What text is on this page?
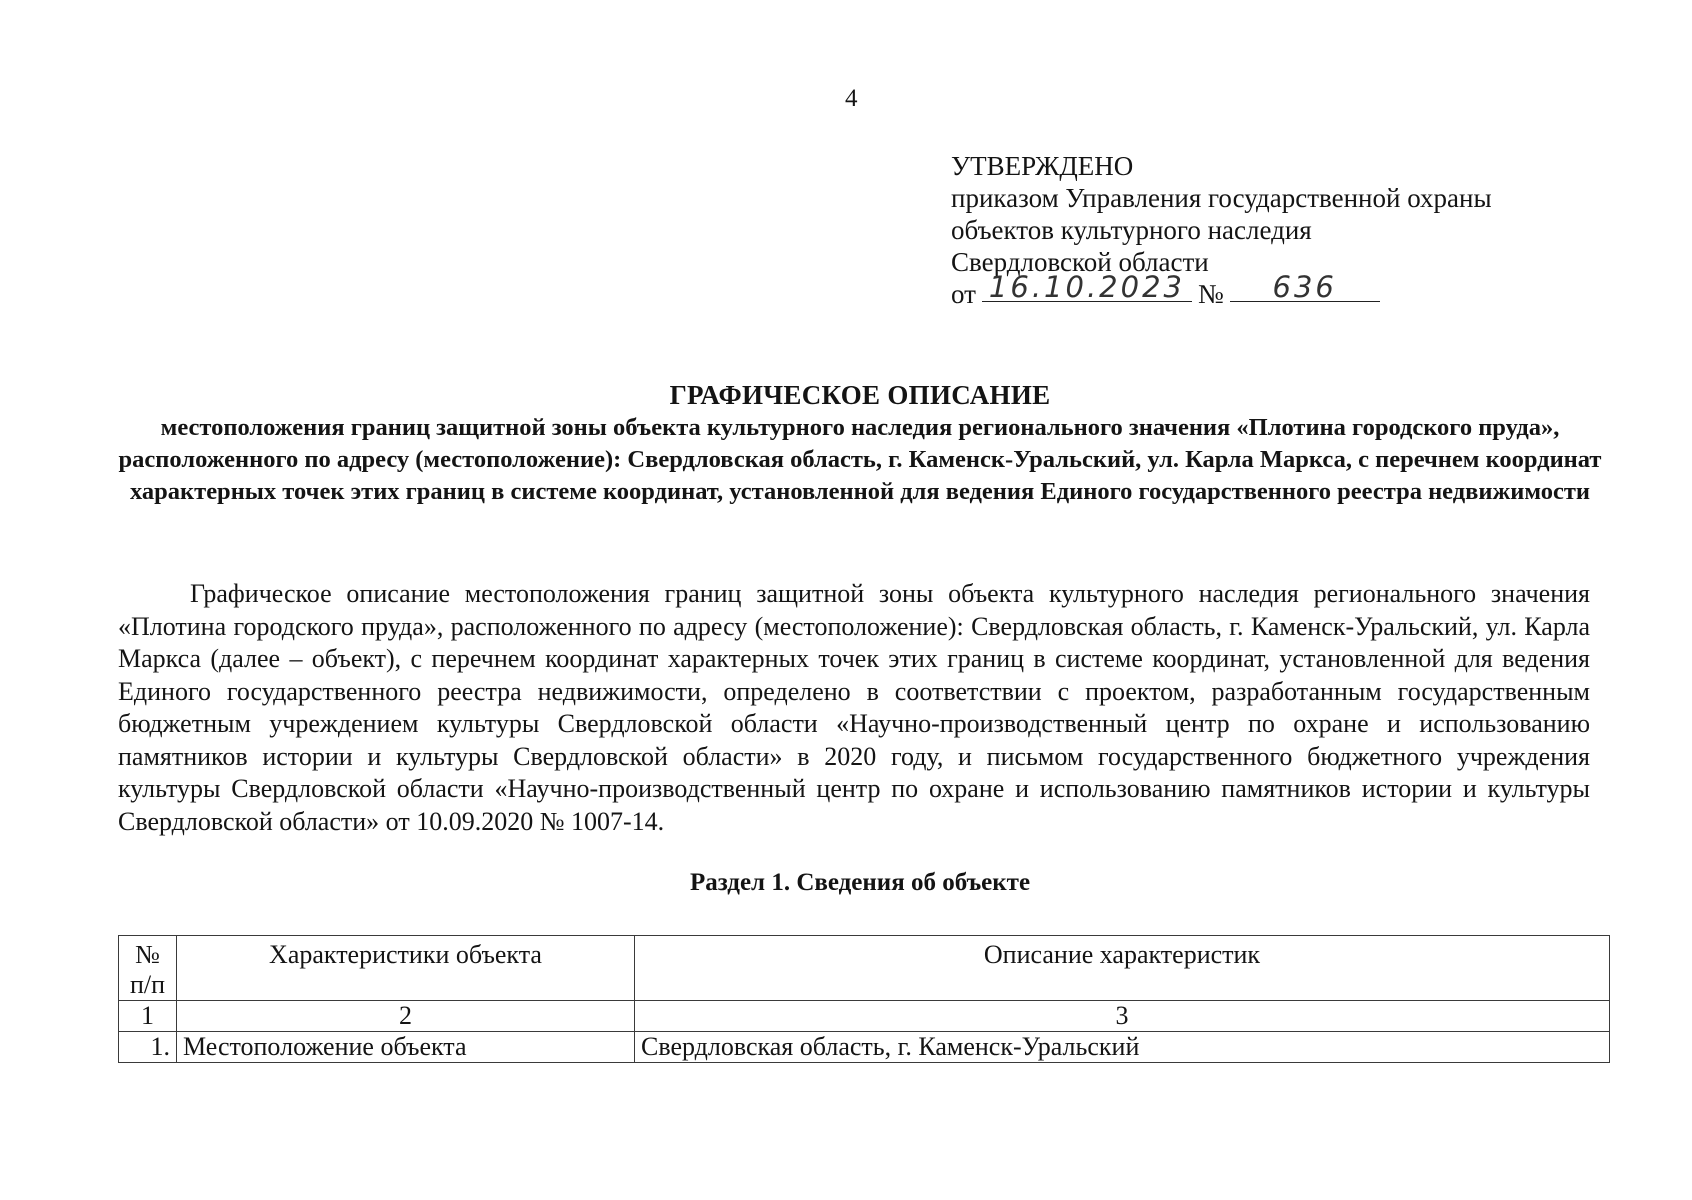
4
УТВЕРЖДЕНО
приказом Управления государственной охраны
объектов культурного наследия
Свердловской области
от 16.10.2023 № 636
ГРАФИЧЕСКОЕ ОПИСАНИЕ
местоположения границ защитной зоны объекта культурного наследия регионального значения «Плотина городского пруда», расположенного по адресу (местоположение): Свердловская область, г. Каменск-Уральский, ул. Карла Маркса, с перечнем координат характерных точек этих границ в системе координат, установленной для ведения Единого государственного реестра недвижимости
Графическое описание местоположения границ защитной зоны объекта культурного наследия регионального значения «Плотина городского пруда», расположенного по адресу (местоположение): Свердловская область, г. Каменск-Уральский, ул. Карла Маркса (далее – объект), с перечнем координат характерных точек этих границ в системе координат, установленной для ведения Единого государственного реестра недвижимости, определено в соответствии с проектом, разработанным государственным бюджетным учреждением культуры Свердловской области «Научно-производственный центр по охране и использованию памятников истории и культуры Свердловской области» в 2020 году, и письмом государственного бюджетного учреждения культуры Свердловской области «Научно-производственный центр по охране и использованию памятников истории и культуры Свердловской области» от 10.09.2020 № 1007-14.
Раздел 1. Сведения об объекте
№ п/п	Характеристики объекта	Описание характеристик
1	2	3
1.	Местоположение объекта	Свердловская область, г. Каменск-Уральский
